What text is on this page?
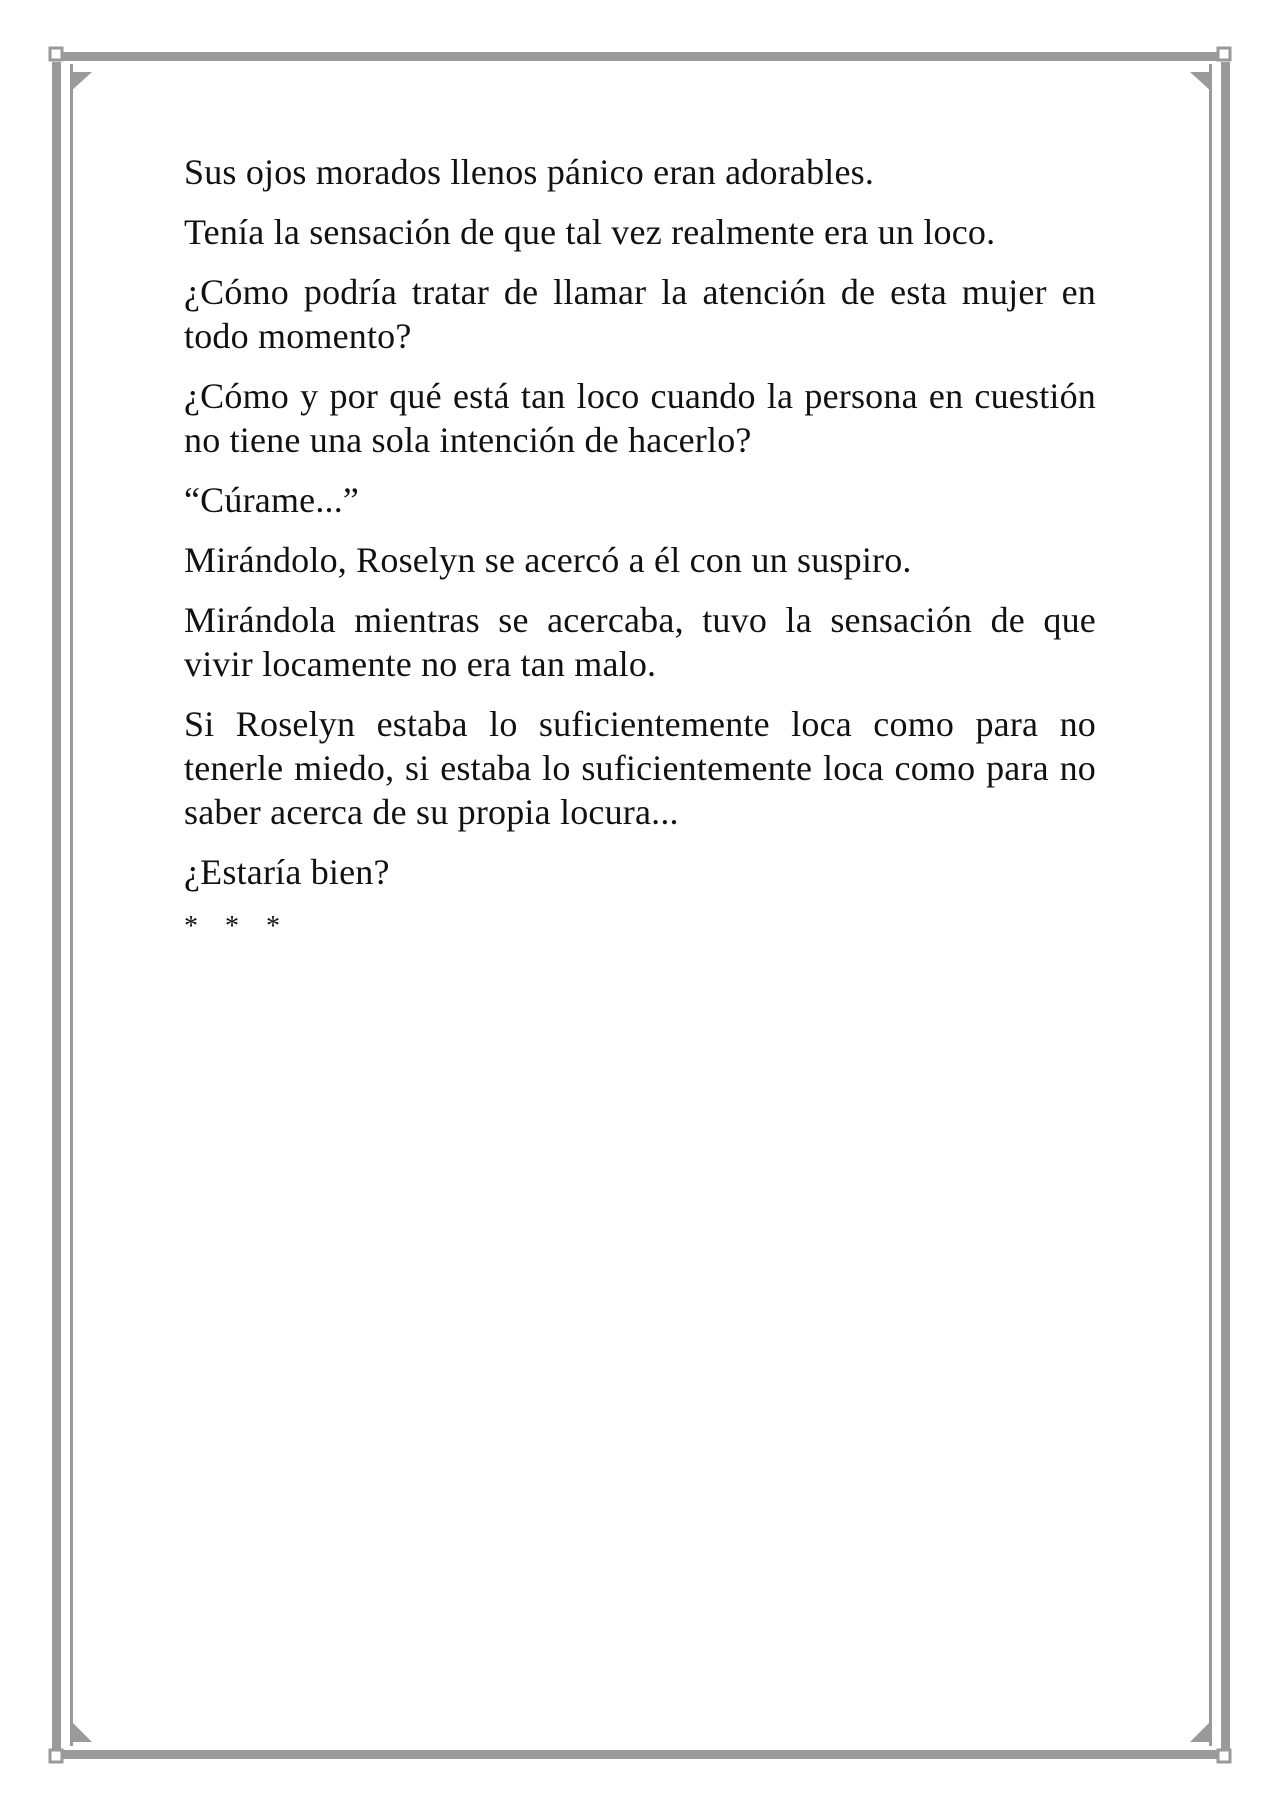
Sus ojos morados llenos pánico eran adorables.

Tenía la sensación de que tal vez realmente era un loco.

¿Cómo podría tratar de llamar la atención de esta mujer en todo momento?

¿Cómo y por qué está tan loco cuando la persona en cuestión no tiene una sola intención de hacerlo?

“Cúrame...”

Mirándolo, Roselyn se acercó a él con un suspiro.

Mirándola mientras se acercaba, tuvo la sensación de que vivir locamente no era tan malo.

Si Roselyn estaba lo suficientemente loca como para no tenerle miedo, si estaba lo suficientemente loca como para no saber acerca de su propia locura...

¿Estaría bien?

* * *
